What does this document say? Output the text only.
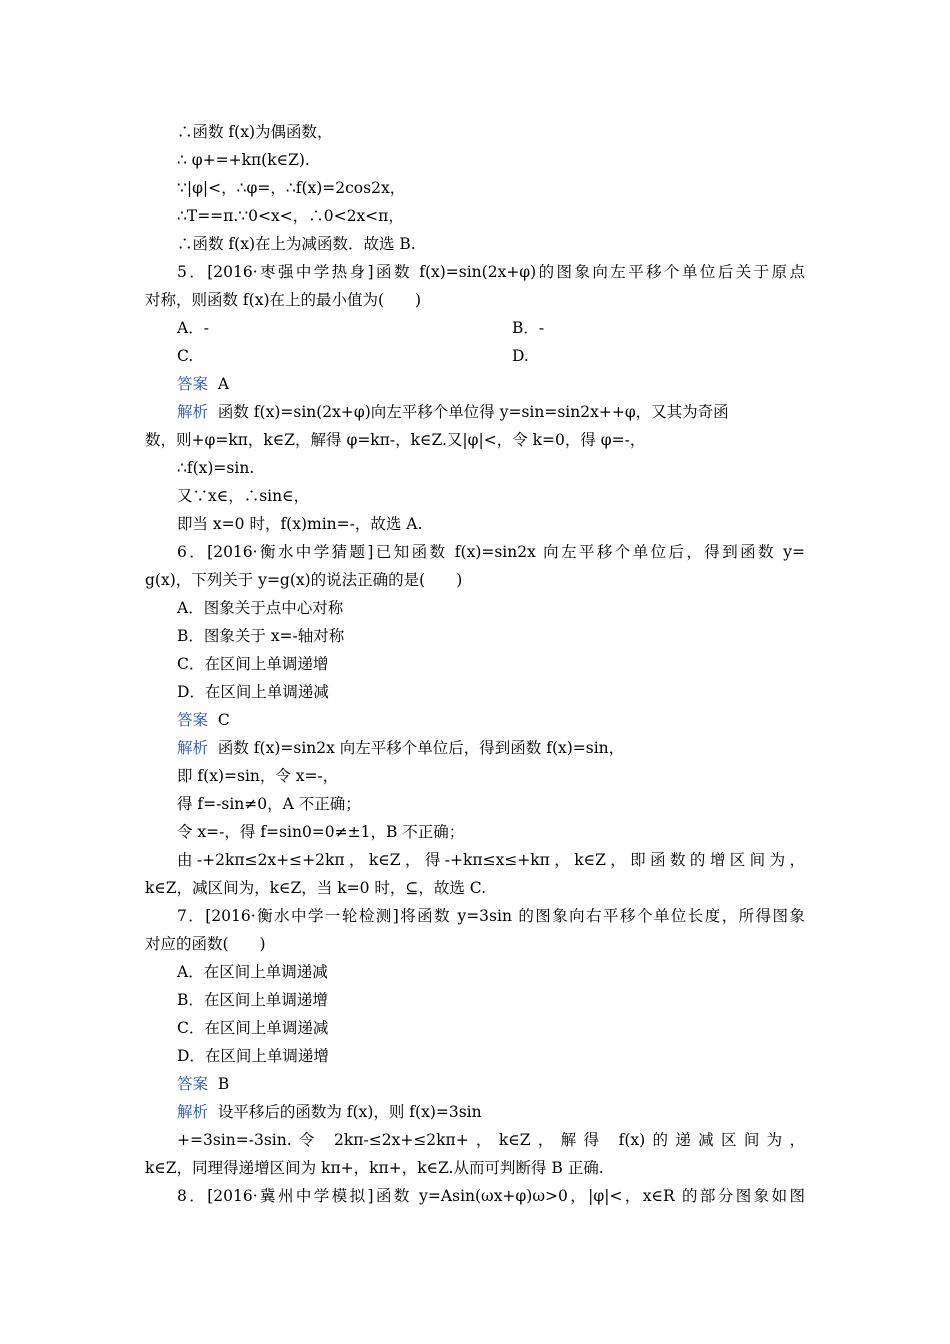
∴函数 f(x)为偶函数，
∴ φ+=+kπ(k∈Z).
∵|φ|<，∴φ=，∴f(x)=2cos2x，
∴T==π.∵0<x<，∴0<2x<π，
∴函数 f(x)在上为减函数．故选 B.
5．[2016·枣强中学热身]函数 f(x)=sin(2x+φ)的图象向左平移个单位后关于原点
对称，则函数 f(x)在上的最小值为(　　)
A．-	B．-
C.	D.
答案 A
解析 函数 f(x)=sin(2x+φ)向左平移个单位得 y=sin=sin2x++φ，又其为奇函
数，则+φ=kπ，k∈Z，解得 φ=kπ-，k∈Z.又|φ|<，令 k=0，得 φ=-，
∴f(x)=sin.
又∵x∈，∴sin∈，
即当 x=0 时，f(x)min=-，故选 A.
6．[2016·衡水中学猜题]已知函数 f(x)=sin2x 向左平移个单位后，得到函数 y=
g(x)，下列关于 y=g(x)的说法正确的是(　　)
A．图象关于点中心对称
B．图象关于 x=-轴对称
C．在区间上单调递增
D．在区间上单调递减
答案 C
解析 函数 f(x)=sin2x 向左平移个单位后，得到函数 f(x)=sin，
即 f(x)=sin，令 x=-，
得 f=-sin≠0，A 不正确；
令 x=-，得 f=sin0=0≠±1，B 不正确；
由-+2kπ≤2x+≤+2kπ，k∈Z，得-+kπ≤x≤+kπ，k∈Z，即函数的增区间为，
k∈Z，减区间为，k∈Z，当 k=0 时，⊆，故选 C.
7．[2016·衡水中学一轮检测]将函数 y=3sin 的图象向右平移个单位长度，所得图象
对应的函数(　　)
A．在区间上单调递减
B．在区间上单调递增
C．在区间上单调递减
D．在区间上单调递增
答案 B
解析 设平移后的函数为 f(x)，则 f(x)=3sin
+=3sin=-3sin.令 2kπ-≤2x+≤2kπ+，k∈Z，解得 f(x)的递减区间为，
k∈Z，同理得递增区间为 kπ+，kπ+，k∈Z.从而可判断得 B 正确.
8．[2016·冀州中学模拟]函数 y=Asin(ωx+φ)ω>0，|φ|<，x∈R 的部分图象如图
